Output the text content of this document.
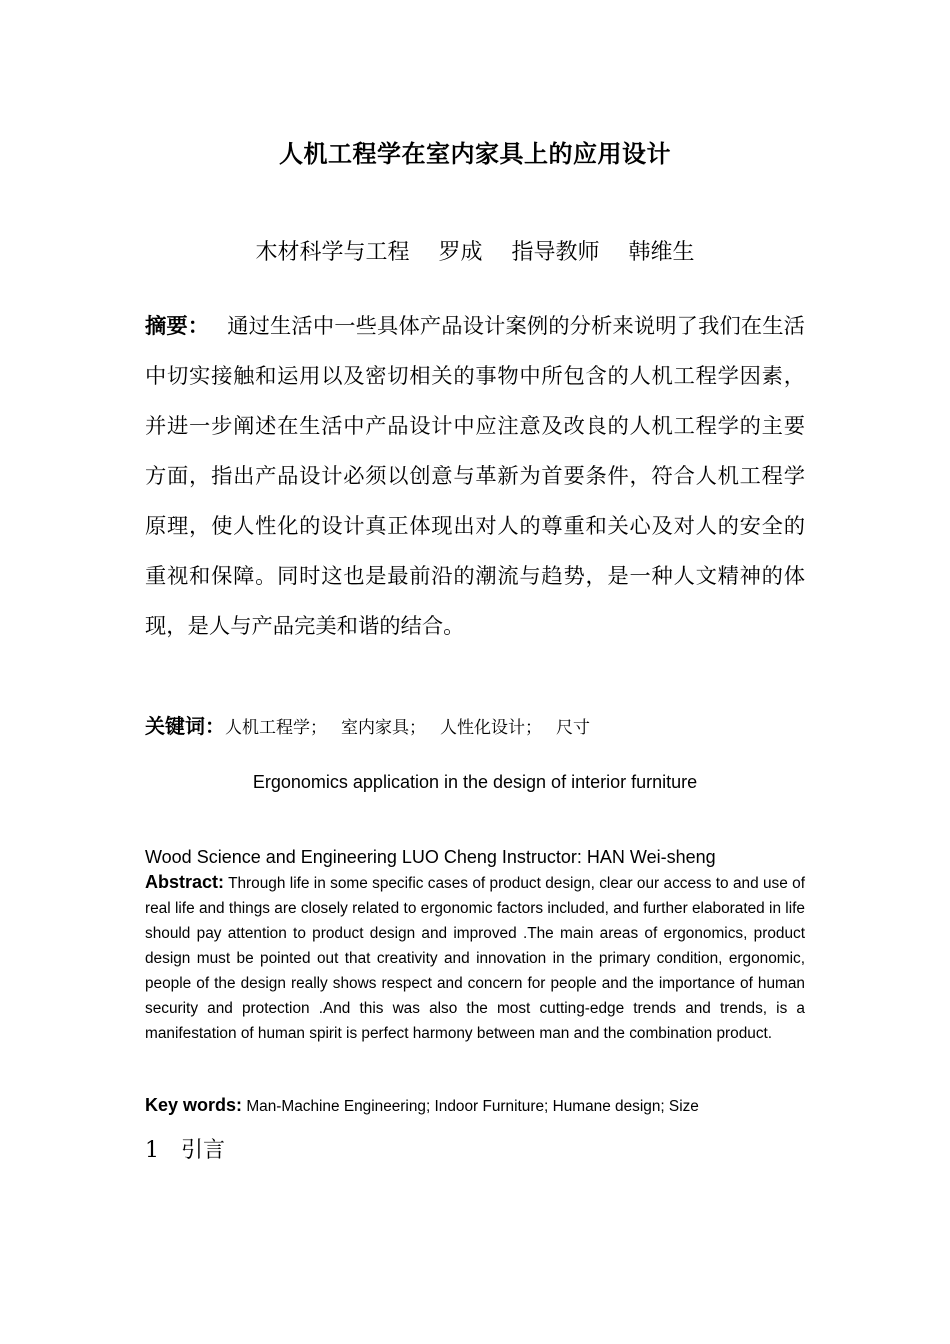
人机工程学在室内家具上的应用设计
木材科学与工程 罗成 指导教师 韩维生
摘要： 通过生活中一些具体产品设计案例的分析来说明了我们在生活中切实接触和运用以及密切相关的事物中所包含的人机工程学因素，并进一步阐述在生活中产品设计中应注意及改良的人机工程学的主要方面，指出产品设计必须以创意与革新为首要条件，符合人机工程学原理，使人性化的设计真正体现出对人的尊重和关心及对人的安全的重视和保障。同时这也是最前沿的潮流与趋势，是一种人文精神的体现，是人与产品完美和谐的结合。
关键词：人机工程学； 室内家具； 人性化设计； 尺寸
Ergonomics application in the design of interior furniture
Wood Science and Engineering LUO Cheng Instructor: HAN Wei-sheng
Abstract: Through life in some specific cases of product design, clear our access to and use of real life and things are closely related to ergonomic factors included, and further elaborated in life should pay attention to product design and improved .The main areas of ergonomics, product design must be pointed out that creativity and innovation in the primary condition, ergonomic, people of the design really shows respect and concern for people and the importance of human security and protection .And this was also the most cutting-edge trends and trends, is a manifestation of human spirit is perfect harmony between man and the combination product.
Key words: Man-Machine Engineering; Indoor Furniture; Humane design; Size
1 引言
